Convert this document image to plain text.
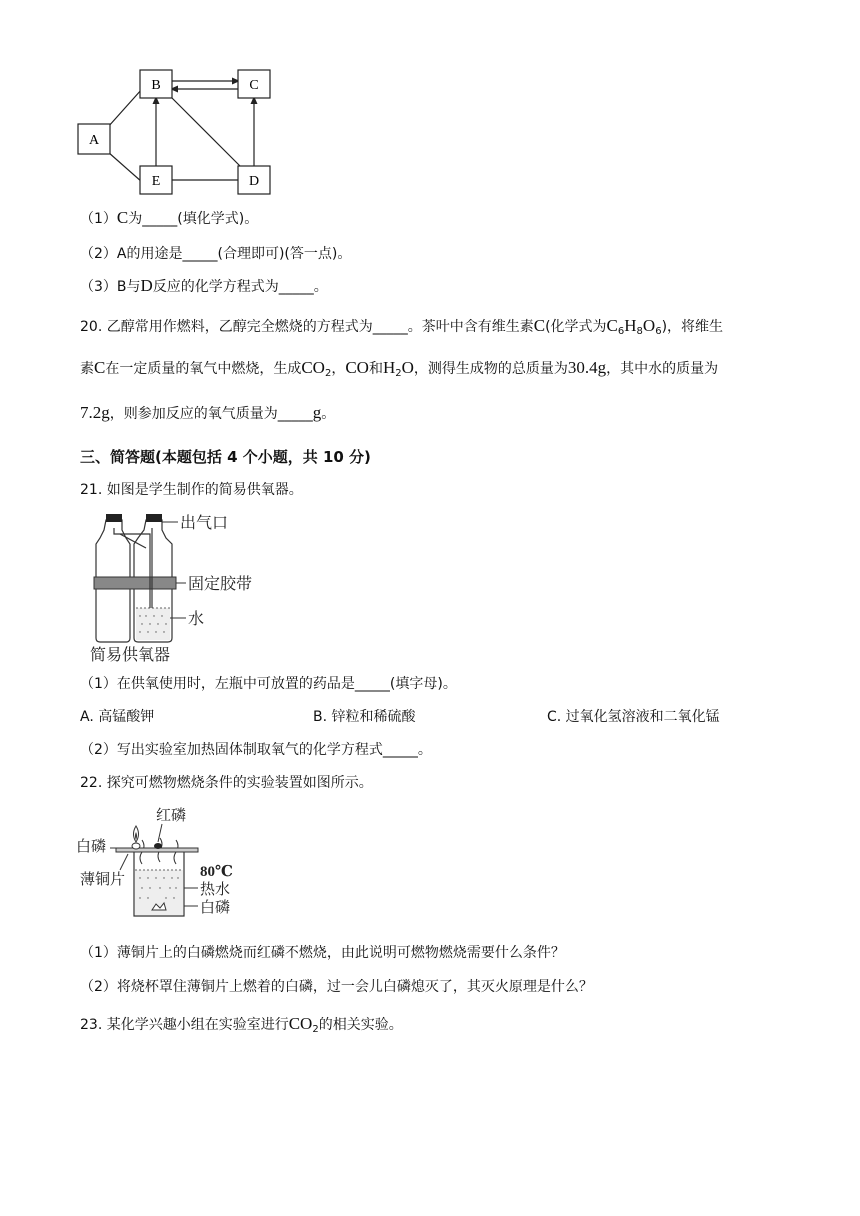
B	C
A
E	D
（1）C为_____(填化学式)。
（2）A的用途是_____(合理即可)(答一点)。
（3）B与D反应的化学方程式为_____。
20. 乙醇常用作燃料，乙醇完全燃烧的方程式为_____。茶叶中含有维生素C(化学式为$C_6H_8O_6$)，将维生
素C在一定质量的氧气中燃烧，生成$CO_2$，CO和$H_2O$，测得生成物的总质量为30.4g，其中水的质量为
7.2g，则参加反应的氧气质量为_____g。
三、简答题(本题包括 4 个小题，共 10 分)
21. 如图是学生制作的简易供氧器。
出气口
固定胶带
水
简易供氧器
（1）在供氧使用时，左瓶中可放置的药品是_____(填字母)。
A. 高锰酸钾	B. 锌粒和稀硫酸	C. 过氧化氢溶液和二氧化锰
（2）写出实验室加热固体制取氧气的化学方程式_____。
22. 探究可燃物燃烧条件的实验装置如图所示。
红磷
白磷
薄铜片	80℃
热水
白磷
（1）薄铜片上的白磷燃烧而红磷不燃烧，由此说明可燃物燃烧需要什么条件？
（2）将烧杯罩住薄铜片上燃着的白磷，过一会儿白磷熄灭了，其灭火原理是什么？
23. 某化学兴趣小组在实验室进行$CO_2$的相关实验。
